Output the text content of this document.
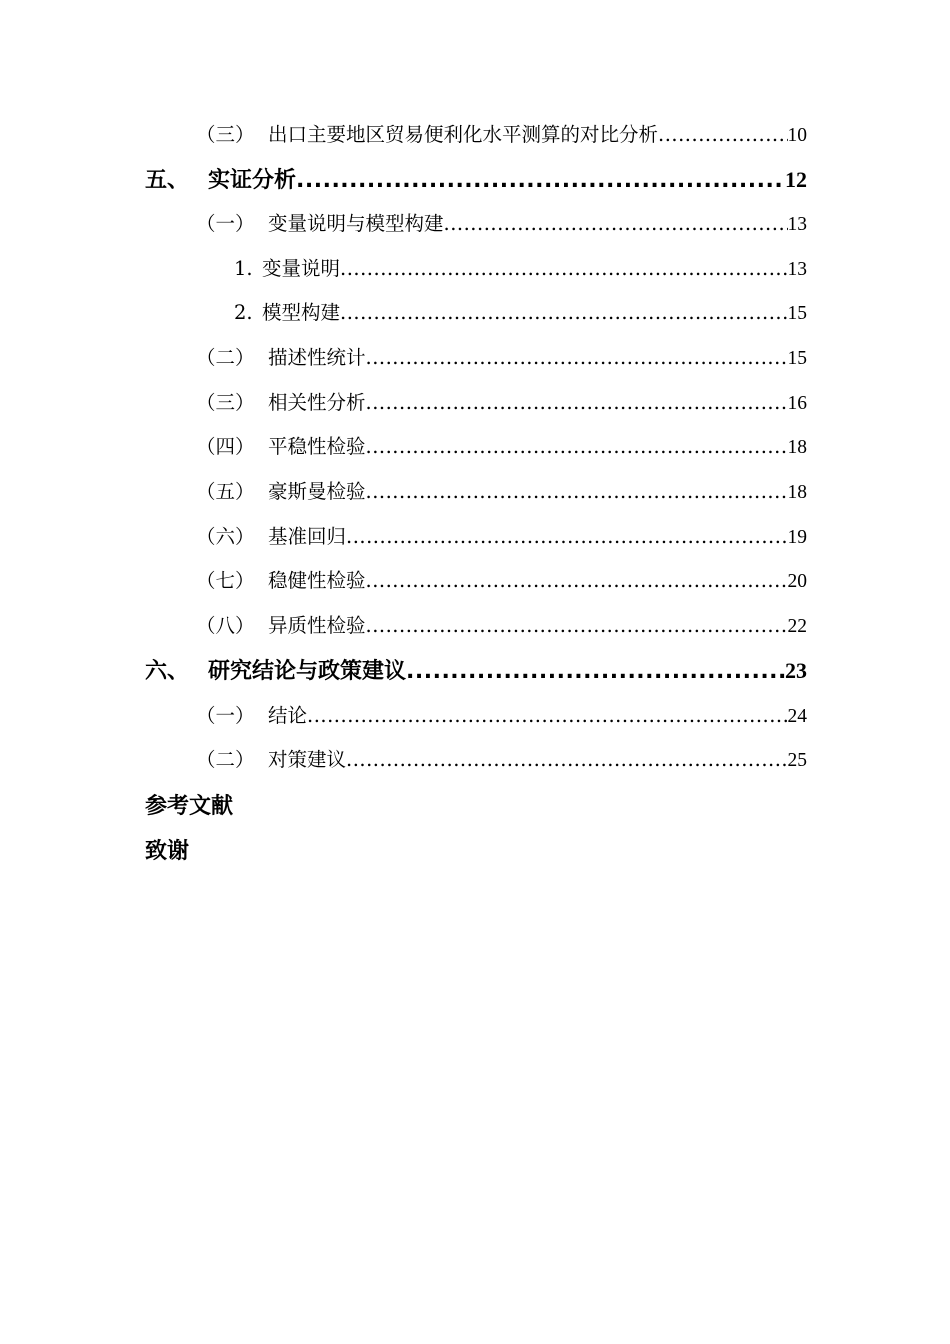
（三） 出口主要地区贸易便利化水平测算的对比分析 .....	10
五、 实证分析 .....	12
（一） 变量说明与模型构建 .....	13
1. 变量说明 .....	13
2. 模型构建 .....	15
（二） 描述性统计 .....	15
（三） 相关性分析 .....	16
（四） 平稳性检验 .....	18
（五） 豪斯曼检验 .....	18
（六） 基准回归 .....	19
（七） 稳健性检验 .....	20
（八） 异质性检验 .....	22
六、 研究结论与政策建议 .....	23
（一） 结论 .....	24
（二） 对策建议 .....	25
参考文献
致谢
